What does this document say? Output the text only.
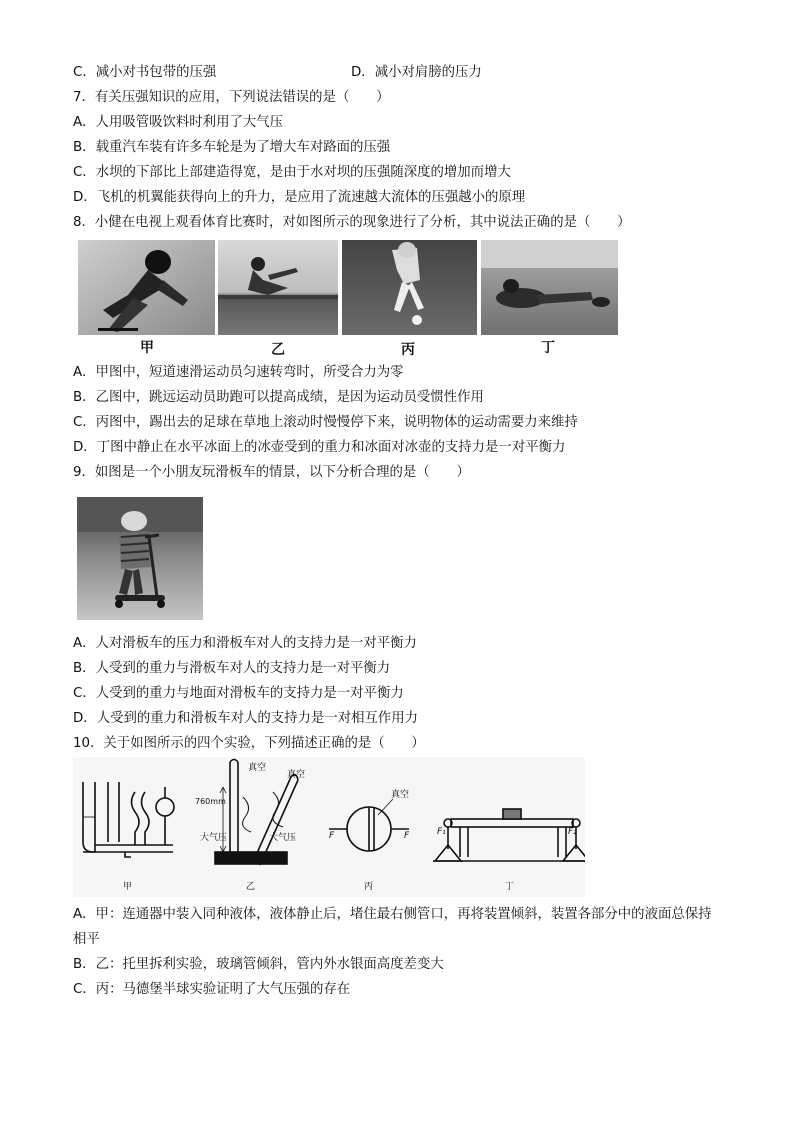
C．减小对书包带的压强	D．减小对肩膀的压力
7．有关压强知识的应用，下列说法错误的是（　　）
A．人用吸管吸饮料时利用了大气压
B．载重汽车装有许多车轮是为了增大车对路面的压强
C．水坝的下部比上部建造得宽，是由于水对坝的压强随深度的增加而增大
D．飞机的机翼能获得向上的升力，是应用了流速越大流体的压强越小的原理
8．小健在电视上观看体育比赛时，对如图所示的现象进行了分析，其中说法正确的是（　　）
甲	乙	丙	丁
A．甲图中，短道速滑运动员匀速转弯时，所受合力为零
B．乙图中，跳远运动员助跑可以提高成绩，是因为运动员受惯性作用
C．丙图中，踢出去的足球在草地上滚动时慢慢停下来，说明物体的运动需要力来维持
D．丁图中静止在水平冰面上的冰壶受到的重力和冰面对冰壶的支持力是一对平衡力
9．如图是一个小朋友玩滑板车的情景，以下分析合理的是（　　）
A．人对滑板车的压力和滑板车对人的支持力是一对平衡力
B．人受到的重力与滑板车对人的支持力是一对平衡力
C．人受到的重力与地面对滑板车的支持力是一对平衡力
D．人受到的重力和滑板车对人的支持力是一对相互作用力
10．关于如图所示的四个实验，下列描述正确的是（　　）
真空
真空
760mm
大气压	大气压
真空
F	F	F₁	F₂
甲	乙	丙	丁
A．甲：连通器中装入同种液体，液体静止后，堵住最右侧管口，再将装置倾斜，装置各部分中的液面总保持相平
B．乙：托里拆利实验，玻璃管倾斜，管内外水银面高度差变大
C．丙：马德堡半球实验证明了大气压强的存在
